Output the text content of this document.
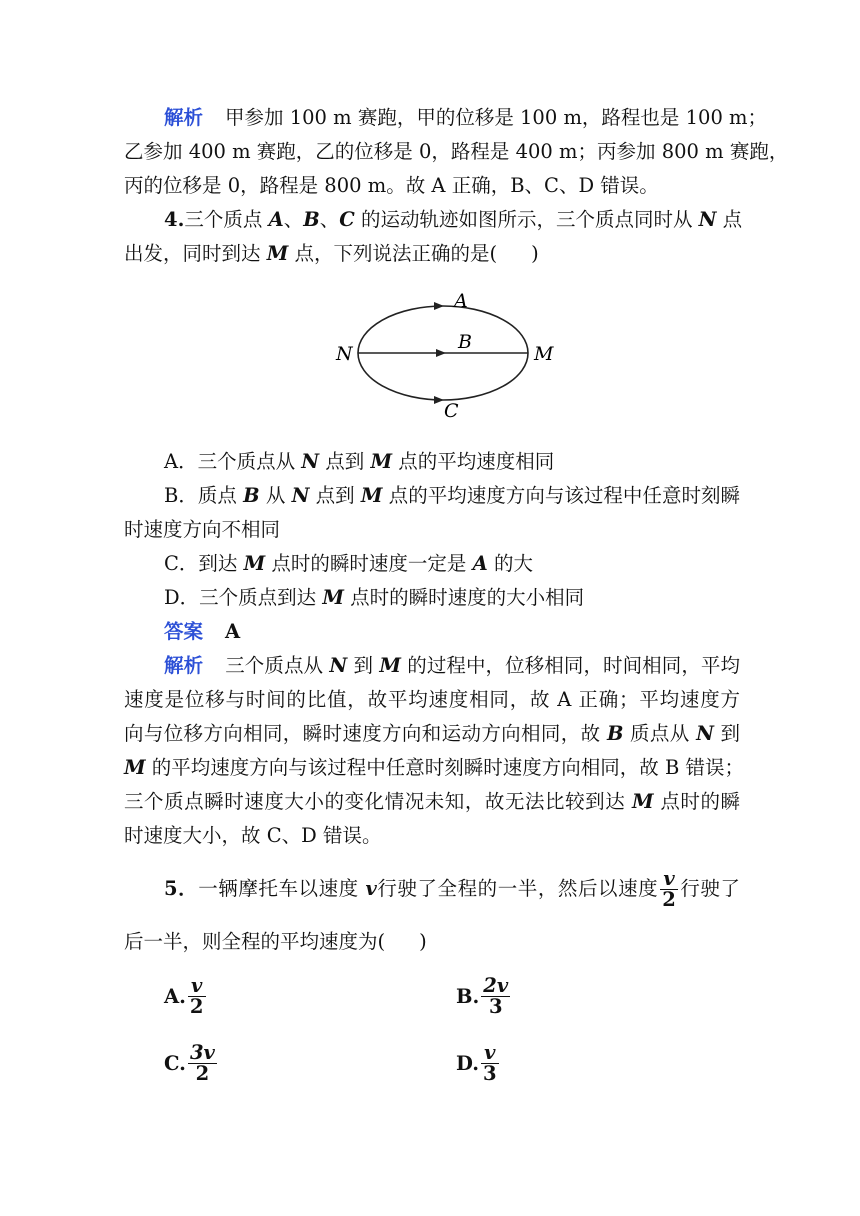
解析 甲参加 100 m 赛跑，甲的位移是 100 m，路程也是 100 m；
乙参加 400 m 赛跑，乙的位移是 0，路程是 400 m；丙参加 800 m 赛跑，
丙的位移是 0，路程是 800 m。故 A 正确，B、C、D 错误。
4.三个质点 A、B、C 的运动轨迹如图所示，三个质点同时从 N 点
出发，同时到达 M 点，下列说法正确的是( )
A
B
C
N	M
A．三个质点从 N 点到 M 点的平均速度相同
B．质点 B 从 N 点到 M 点的平均速度方向与该过程中任意时刻瞬
时速度方向不相同
C．到达 M 点时的瞬时速度一定是 A 的大
D．三个质点到达 M 点时的瞬时速度的大小相同
答案 A
解析 三个质点从 N 到 M 的过程中，位移相同，时间相同，平均
速度是位移与时间的比值，故平均速度相同，故 A 正确；平均速度方
向与位移方向相同，瞬时速度方向和运动方向相同，故 B 质点从 N 到
M 的平均速度方向与该过程中任意时刻瞬时速度方向相同，故 B 错误；
三个质点瞬时速度大小的变化情况未知，故无法比较到达 M 点时的瞬
时速度大小，故 C、D 错误。
5．一辆摩托车以速度 v行驶了全程的一半，然后以速度 $\frac{v}{2}$ 行驶了
后一半，则全程的平均速度为( )
A. $\frac{v}{2}$	B. $\frac{2v}{3}$
C. $\frac{3v}{2}$	D. $\frac{v}{3}$
